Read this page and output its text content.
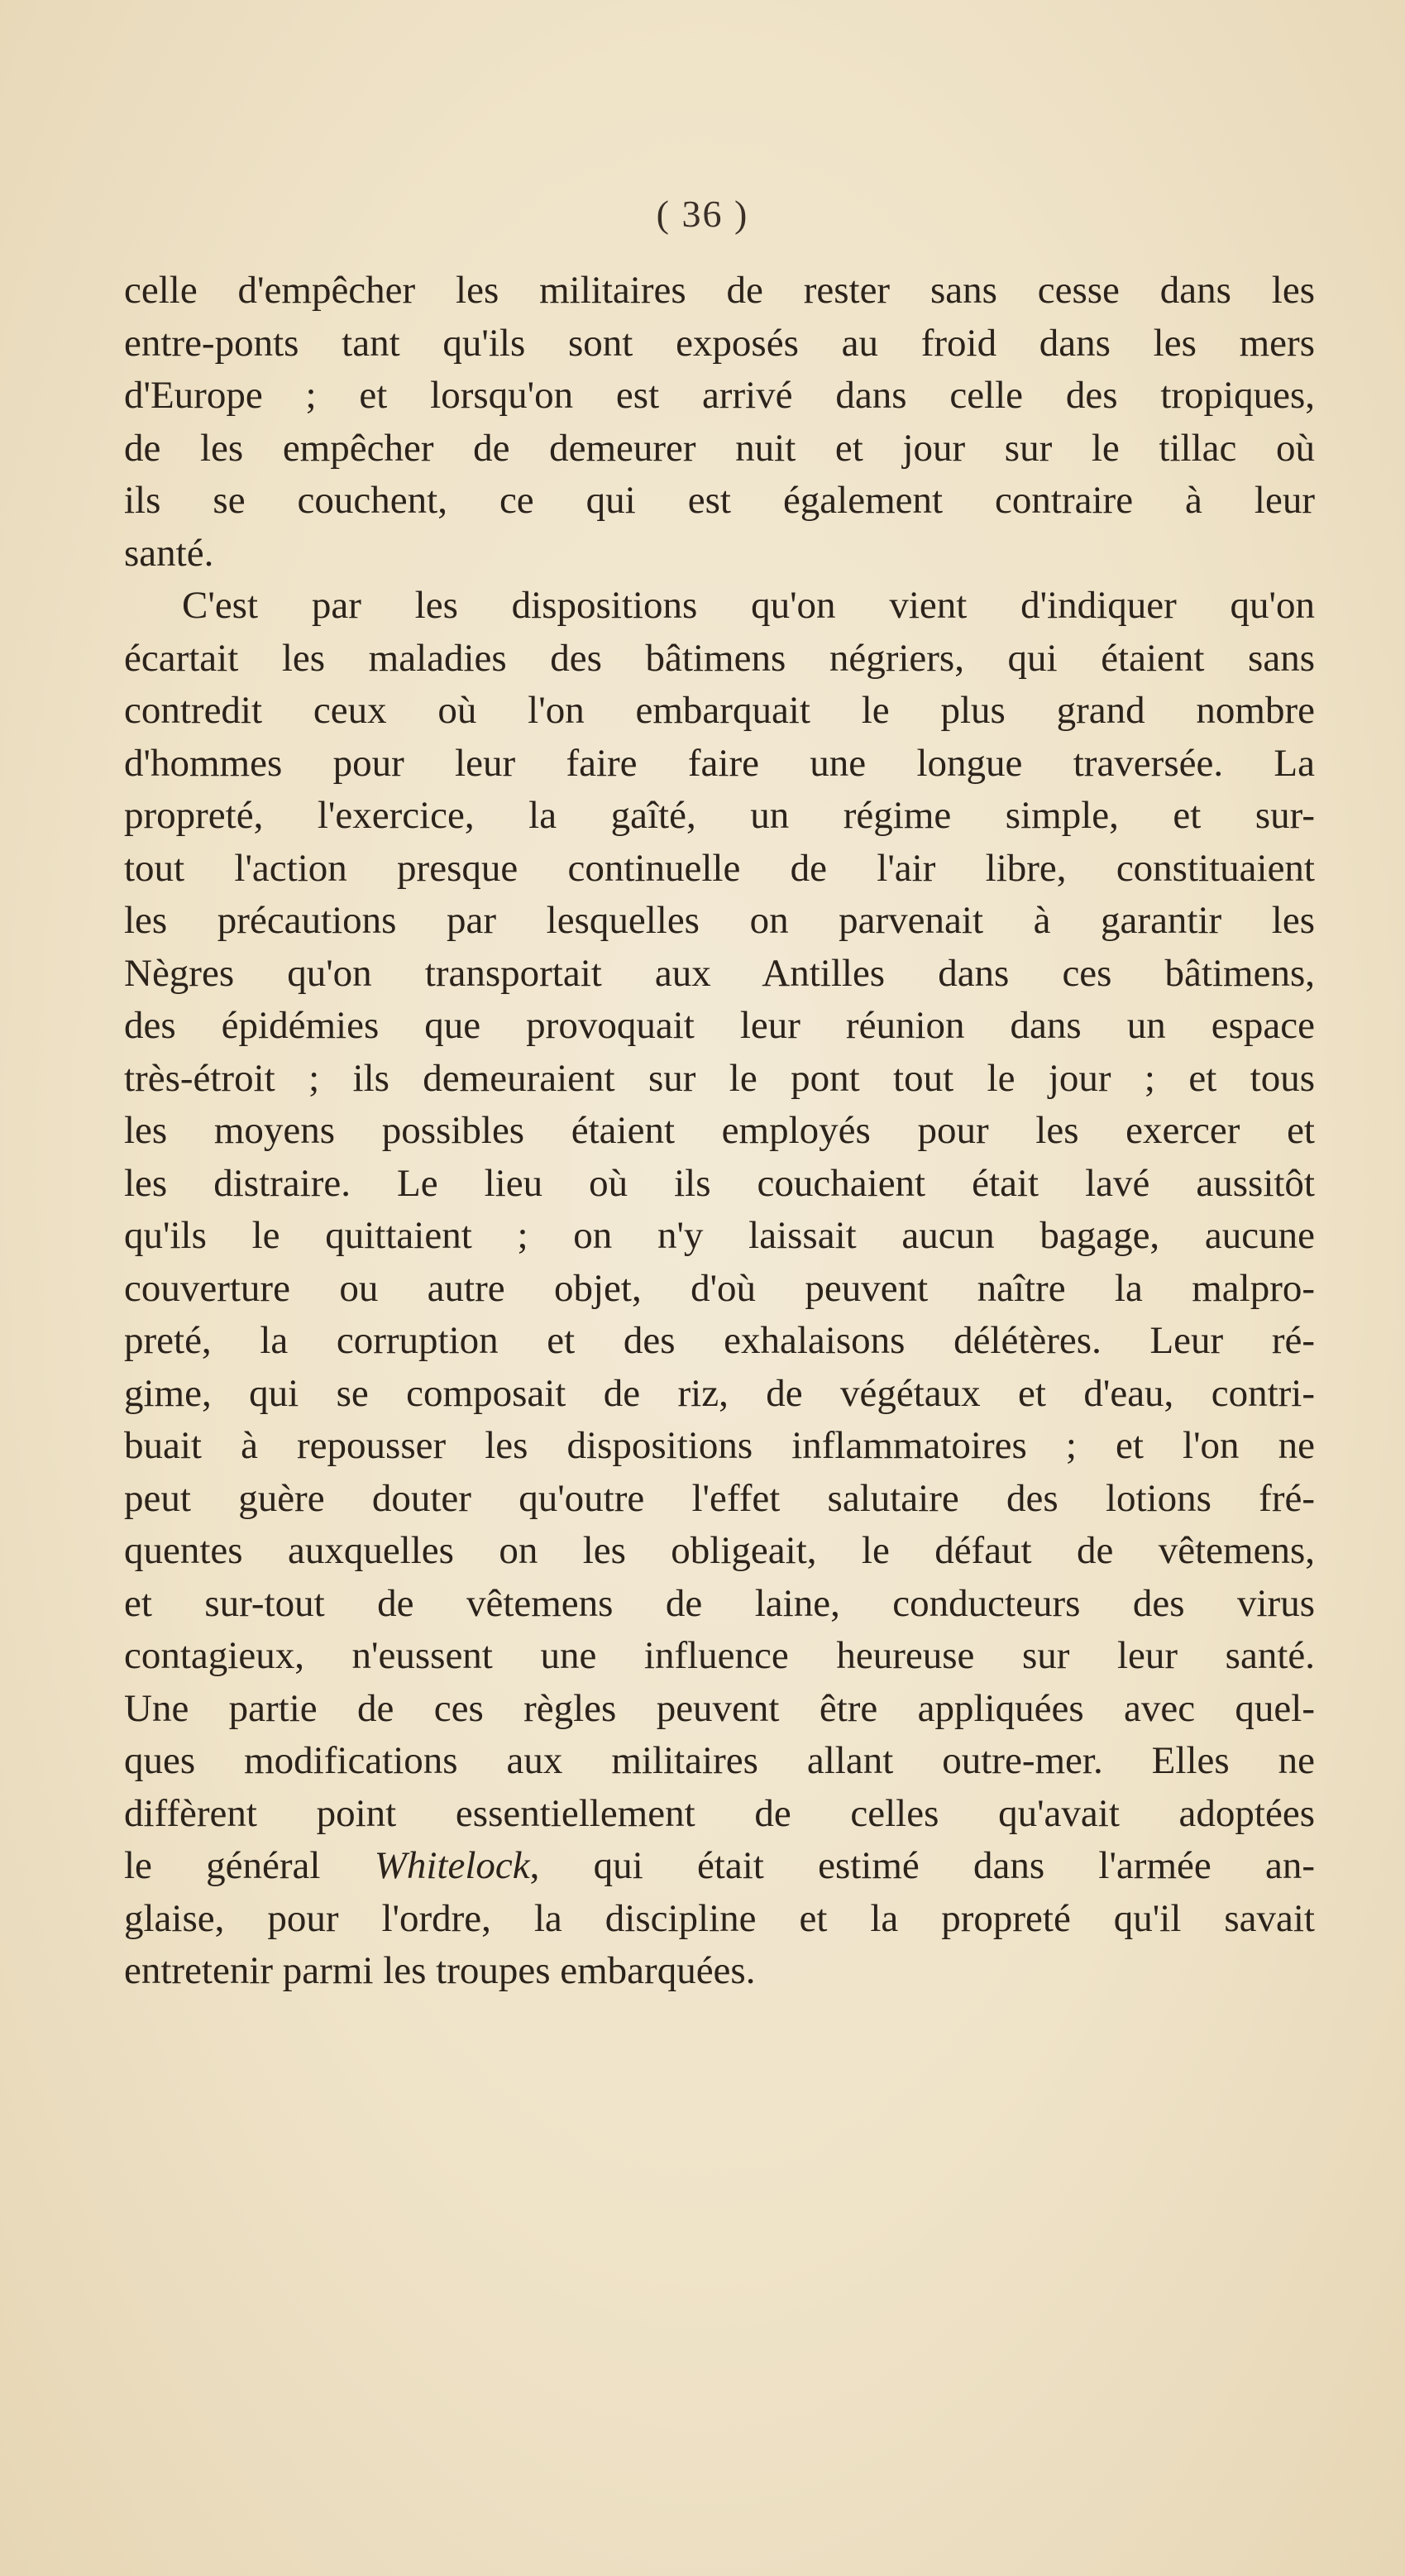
( 36 )
celle d'empêcher les militaires de rester sans cesse dans les
entre-ponts tant qu'ils sont exposés au froid dans les mers
d'Europe ; et lorsqu'on est arrivé dans celle des tropiques,
de les empêcher de demeurer nuit et jour sur le tillac où
ils se couchent, ce qui est également contraire à leur
santé.
C'est par les dispositions qu'on vient d'indiquer qu'on
écartait les maladies des bâtimens négriers, qui étaient sans
contredit ceux où l'on embarquait le plus grand nombre
d'hommes pour leur faire faire une longue traversée. La
propreté, l'exercice, la gaîté, un régime simple, et sur-
tout l'action presque continuelle de l'air libre, constituaient
les précautions par lesquelles on parvenait à garantir les
Nègres qu'on transportait aux Antilles dans ces bâtimens,
des épidémies que provoquait leur réunion dans un espace
très-étroit ; ils demeuraient sur le pont tout le jour ; et tous
les moyens possibles étaient employés pour les exercer et
les distraire. Le lieu où ils couchaient était lavé aussitôt
qu'ils le quittaient ; on n'y laissait aucun bagage, aucune
couverture ou autre objet, d'où peuvent naître la malpro-
preté, la corruption et des exhalaisons délétères. Leur ré-
gime, qui se composait de riz, de végétaux et d'eau, contri-
buait à repousser les dispositions inflammatoires ; et l'on ne
peut guère douter qu'outre l'effet salutaire des lotions fré-
quentes auxquelles on les obligeait, le défaut de vêtemens,
et sur-tout de vêtemens de laine, conducteurs des virus
contagieux, n'eussent une influence heureuse sur leur santé.
Une partie de ces règles peuvent être appliquées avec quel-
ques modifications aux militaires allant outre-mer. Elles ne
diffèrent point essentiellement de celles qu'avait adoptées
le général Whitelock, qui était estimé dans l'armée an-
glaise, pour l'ordre, la discipline et la propreté qu'il savait
entretenir parmi les troupes embarquées.
